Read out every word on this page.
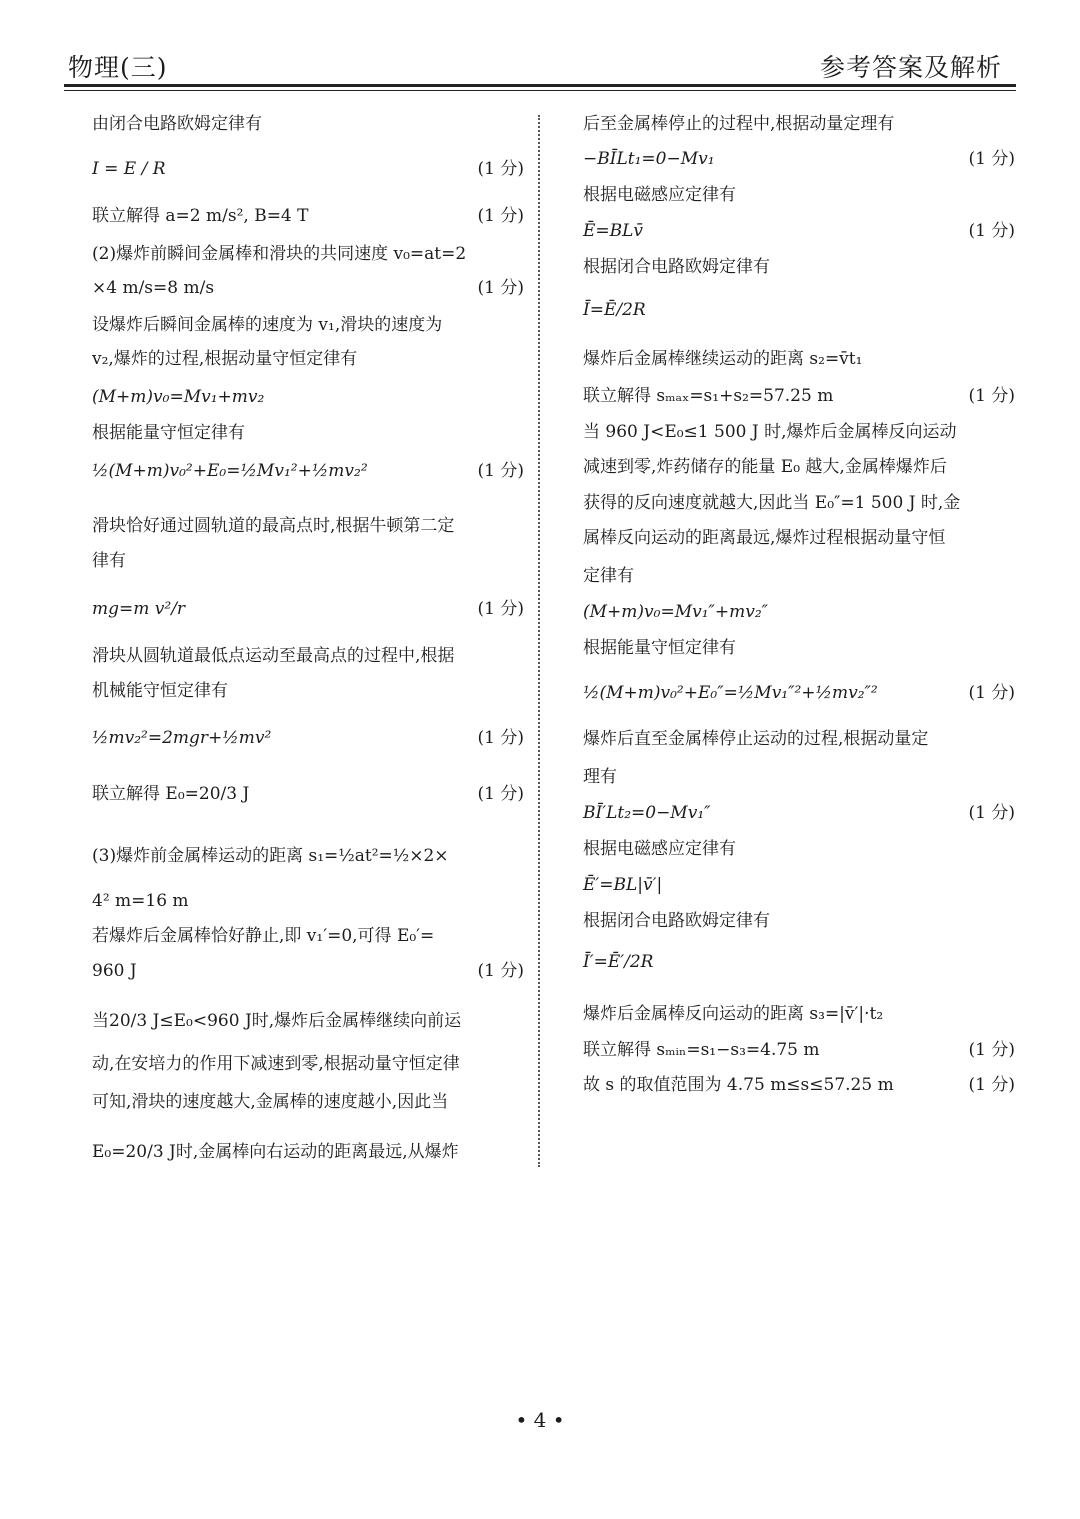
物理(三)	参考答案及解析
由闭合电路欧姆定律有
I = E / R	(1 分)
联立解得 a=2 m/s², B=4 T	(1 分)
(2)爆炸前瞬间金属棒和滑块的共同速度 v₀=at=2
×4 m/s=8 m/s	(1 分)
设爆炸后瞬间金属棒的速度为 v₁,滑块的速度为
v₂,爆炸的过程,根据动量守恒定律有
(M+m)v₀=Mv₁+mv₂
根据能量守恒定律有
½(M+m)v₀²+E₀=½Mv₁²+½mv₂²	(1 分)
滑块恰好通过圆轨道的最高点时,根据牛顿第二定
律有
mg=m v²/r	(1 分)
滑块从圆轨道最低点运动至最高点的过程中,根据
机械能守恒定律有
½mv₂²=2mgr+½mv²	(1 分)
联立解得 E₀=20/3 J	(1 分)
(3)爆炸前金属棒运动的距离 s₁=½at²=½×2×
4² m=16 m
若爆炸后金属棒恰好静止,即 v₁′=0,可得 E₀′=
960 J	(1 分)
当20/3 J≤E₀<960 J时,爆炸后金属棒继续向前运
动,在安培力的作用下减速到零,根据动量守恒定律
可知,滑块的速度越大,金属棒的速度越小,因此当
E₀=20/3 J时,金属棒向右运动的距离最远,从爆炸
后至金属棒停止的过程中,根据动量定理有
−BĪLt₁=0−Mv₁	(1 分)
根据电磁感应定律有
Ē=BLv̄	(1 分)
根据闭合电路欧姆定律有
Ī=Ē/2R
爆炸后金属棒继续运动的距离 s₂=v̄t₁
联立解得 sₘₐₓ=s₁+s₂=57.25 m	(1 分)
当 960 J<E₀≤1 500 J 时,爆炸后金属棒反向运动
减速到零,炸药储存的能量 E₀ 越大,金属棒爆炸后
获得的反向速度就越大,因此当 E₀″=1 500 J 时,金
属棒反向运动的距离最远,爆炸过程根据动量守恒
定律有
(M+m)v₀=Mv₁″+mv₂″
根据能量守恒定律有
½(M+m)v₀²+E₀″=½Mv₁″²+½mv₂″²	(1 分)
爆炸后直至金属棒停止运动的过程,根据动量定
理有
BĪ′Lt₂=0−Mv₁″	(1 分)
根据电磁感应定律有
Ē′=BL|v̄′|
根据闭合电路欧姆定律有
Ī′=Ē′/2R
爆炸后金属棒反向运动的距离 s₃=|v̄′|·t₂
联立解得 sₘᵢₙ=s₁−s₃=4.75 m	(1 分)
故 s 的取值范围为 4.75 m≤s≤57.25 m	(1 分)
• 4 •
